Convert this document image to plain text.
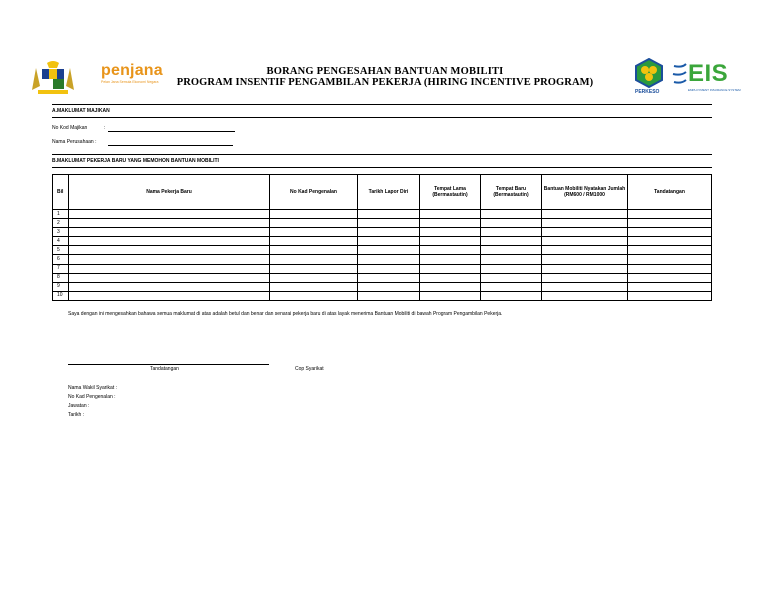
penjana
Pelan Jana Semula Ekonomi Negara
BORANG PENGESAHAN BANTUAN MOBILITI
PROGRAM INSENTIF PENGAMBILAN PEKERJA (HIRING INCENTIVE PROGRAM)
PERKESO
EIS
EMPLOYMENT INSURANCE SYSTEM
A.MAKLUMAT MAJIKAN
No Kod Majikan	:
Nama Perusahaan :
B.MAKLUMAT PEKERJA BARU YANG MEMOHON BANTUAN MOBILITI
Bil	Nama Pekerja Baru	No Kad Pengenalan	Tarikh Lapor Diri	Tempat Lama (Bermastautin)	Tempat Baru (Bermastautin)	Bantuan Mobiliti Nyatakan Jumlah (RM600 / RM1000	Tandatangan
1							
2							
3							
4							
5							
6							
7							
8							
9							
10							
Saya dengan ini mengesahkan bahawa semua maklumat di atas adalah betul dan benar dan senarai pekerja baru di atas layak menerima Bantuan Mobiliti di bawah Program Pengambilan Pekerja.
Tandatangan	Cop Syarikat
Nama Wakil Syarikat :
No Kad Pengenalan :
Jawatan :
Tarikh :
